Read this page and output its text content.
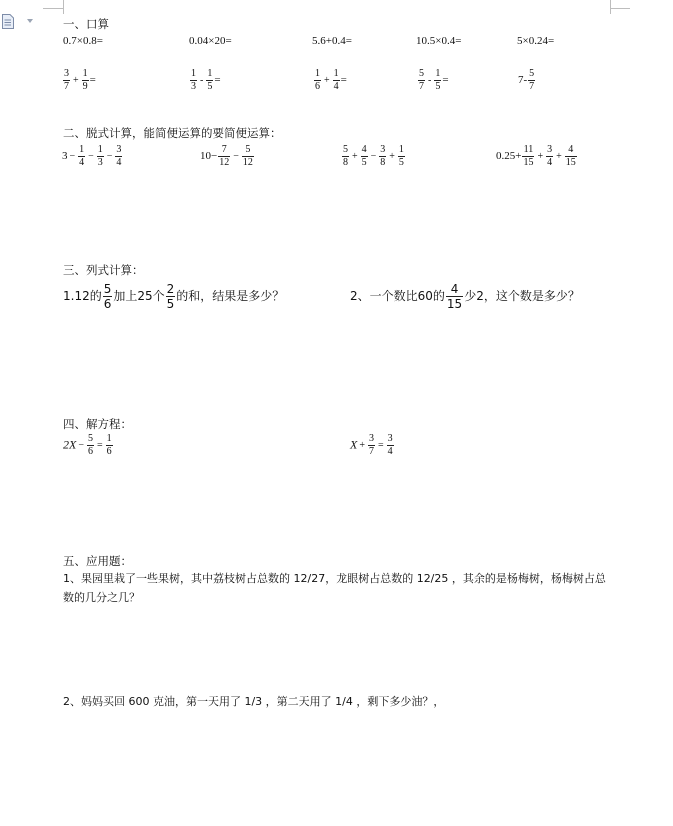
一、口算
0.7×0.8=	0.04×20=	5.6+0.4=	10.5×0.4=	5×0.24=
$\frac{3}{7} + \frac{1}{9}$ =	$\frac{1}{3} - \frac{1}{5}$ =	$\frac{1}{6} + \frac{1}{4}$ =	$\frac{5}{7} - \frac{1}{5}$ =	$7- \frac{5}{7}$
二、脱式计算，能简便运算的要简便运算：
$3 - \frac{1}{4} - \frac{1}{3} - \frac{3}{4}$	$10- \frac{7}{12} - \frac{5}{12}$	$\frac{5}{8} + \frac{4}{5} - \frac{3}{8} + \frac{1}{5}$	$0.25+ \frac{11}{15} + \frac{3}{4} + \frac{4}{15}$
三、列式计算：
1.12的 $\frac{5}{6}$ 加上25个 $\frac{2}{5}$ 的和，结果是多少？	2、一个数比60的 $\frac{4}{15}$ 少2，这个数是多少？
四、解方程：
$2X - \frac{5}{6} = \frac{1}{6}$	$X + \frac{3}{7} = \frac{3}{4}$
五、应用题：
1、果园里栽了一些果树，其中荔枝树占总数的 12/27，龙眼树占总数的 12/25 ，其余的是杨梅树，杨梅树占总数的几分之几？
2、妈妈买回 600 克油，第一天用了 1/3 ，第二天用了 1/4 ，剩下多少油？，
